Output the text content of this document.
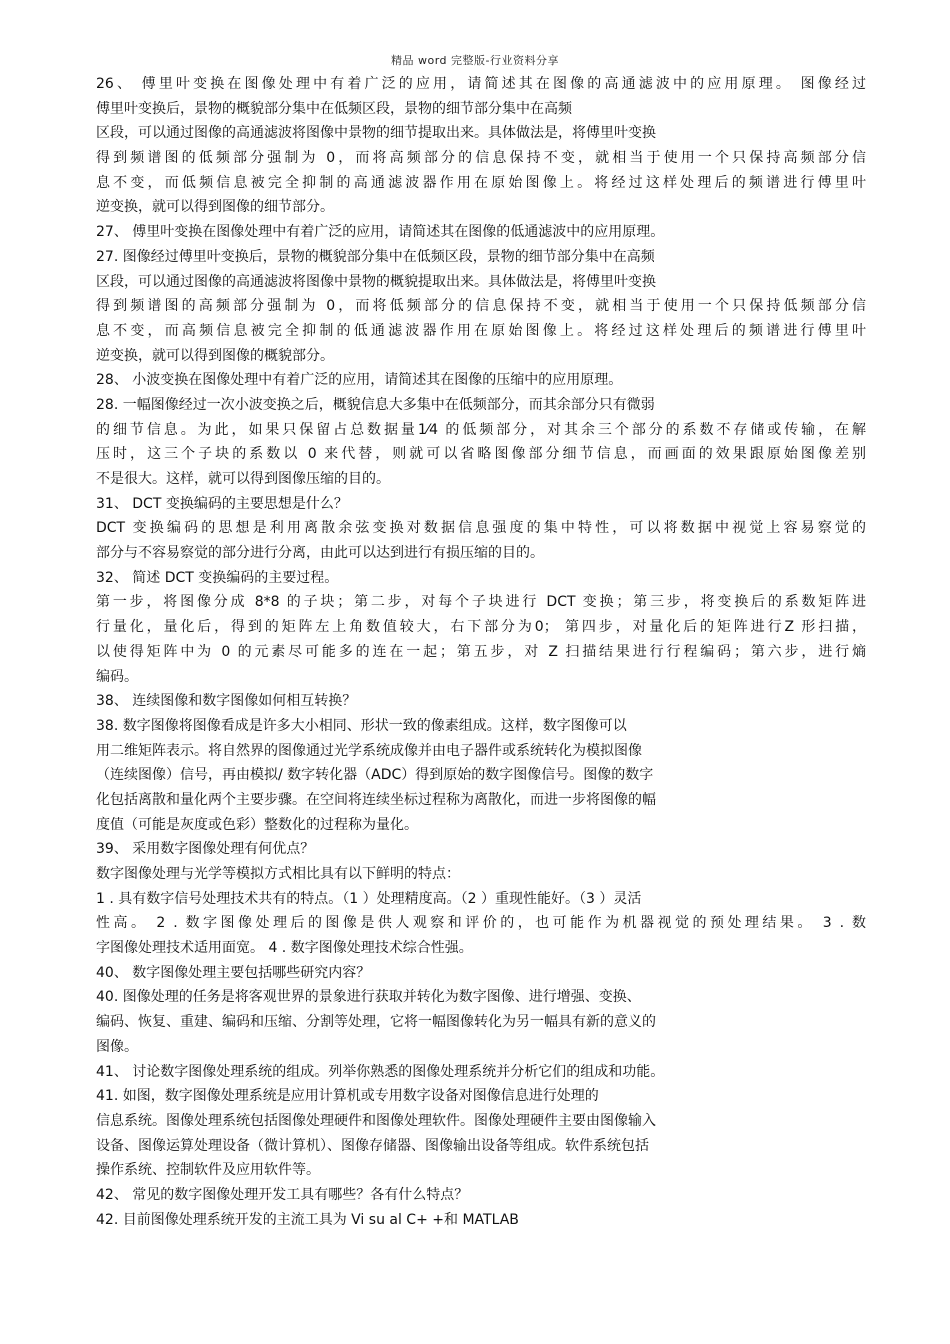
精品 word 完整版-行业资料分享
26、 傅里叶变换在图像处理中有着广泛的应用，请简述其在图像的高通滤波中的应用原理。 图像经过
傅里叶变换后，景物的概貌部分集中在低频区段，景物的细节部分集中在高频
区段，可以通过图像的高通滤波将图像中景物的细节提取出来。具体做法是，将傅里叶变换
得到频谱图的低频部分强制为 0，而将高频部分的信息保持不变，就相当于使用一个只保持高频部分信
息不变，而低频信息被完全抑制的高通滤波器作用在原始图像上。将经过这样处理后的频谱进行傅里叶
逆变换，就可以得到图像的细节部分。
27、 傅里叶变换在图像处理中有着广泛的应用，请简述其在图像的低通滤波中的应用原理。
27. 图像经过傅里叶变换后，景物的概貌部分集中在低频区段，景物的细节部分集中在高频
区段，可以通过图像的高通滤波将图像中景物的概貌提取出来。具体做法是，将傅里叶变换
得到频谱图的高频部分强制为 0，而将低频部分的信息保持不变，就相当于使用一个只保持低频部分信
息不变，而高频信息被完全抑制的低通滤波器作用在原始图像上。将经过这样处理后的频谱进行傅里叶
逆变换，就可以得到图像的概貌部分。
28、 小波变换在图像处理中有着广泛的应用，请简述其在图像的压缩中的应用原理。
28. 一幅图像经过一次小波变换之后，概貌信息大多集中在低频部分，而其余部分只有微弱
的细节信息。为此，如果只保留占总数据量1⁄4 的低频部分，对其余三个部分的系数不存储或传输，在解
压时，这三个子块的系数以 0 来代替，则就可以省略图像部分细节信息，而画面的效果跟原始图像差别
不是很大。这样，就可以得到图像压缩的目的。
31、 DCT 变换编码的主要思想是什么？
DCT 变换编码的思想是利用离散余弦变换对数据信息强度的集中特性，可以将数据中视觉上容易察觉的
部分与不容易察觉的部分进行分离，由此可以达到进行有损压缩的目的。
32、 简述 DCT 变换编码的主要过程。
第一步，将图像分成 8*8 的子块；第二步，对每个子块进行 DCT 变换；第三步，将变换后的系数矩阵进
行量化，量化后，得到的矩阵左上角数值较大，右下部分为0； 第四步，对量化后的矩阵进行Z 形扫描，
以使得矩阵中为 0 的元素尽可能多的连在一起；第五步，对 Z 扫描结果进行行程编码；第六步，进行熵
编码。
38、 连续图像和数字图像如何相互转换？
38. 数字图像将图像看成是许多大小相同、形状一致的像素组成。这样，数字图像可以
用二维矩阵表示。将自然界的图像通过光学系统成像并由电子器件或系统转化为模拟图像
（连续图像）信号，再由模拟/ 数字转化器（ADC）得到原始的数字图像信号。图像的数字
化包括离散和量化两个主要步骤。在空间将连续坐标过程称为离散化，而进一步将图像的幅
度值（可能是灰度或色彩）整数化的过程称为量化。
39、 采用数字图像处理有何优点？
数字图像处理与光学等模拟方式相比具有以下鲜明的特点：
1 . 具有数字信号处理技术共有的特点。（1 ）处理精度高。（2 ）重现性能好。（3 ）灵活
性高。 2 . 数字图像处理后的图像是供人观察和评价的，也可能作为机器视觉的预处理结果。 3 . 数
字图像处理技术适用面宽。 4 . 数字图像处理技术综合性强。
40、 数字图像处理主要包括哪些研究内容？
40. 图像处理的任务是将客观世界的景象进行获取并转化为数字图像、进行增强、变换、
编码、恢复、重建、编码和压缩、分割等处理，它将一幅图像转化为另一幅具有新的意义的
图像。
41、 讨论数字图像处理系统的组成。列举你熟悉的图像处理系统并分析它们的组成和功能。
41. 如图，数字图像处理系统是应用计算机或专用数字设备对图像信息进行处理的
信息系统。图像处理系统包括图像处理硬件和图像处理软件。图像处理硬件主要由图像输入
设备、图像运算处理设备（微计算机）、图像存储器、图像输出设备等组成。软件系统包括
操作系统、控制软件及应用软件等。
42、 常见的数字图像处理开发工具有哪些？各有什么特点？
42. 目前图像处理系统开发的主流工具为 Vi su al C+ +和 MATLAB
